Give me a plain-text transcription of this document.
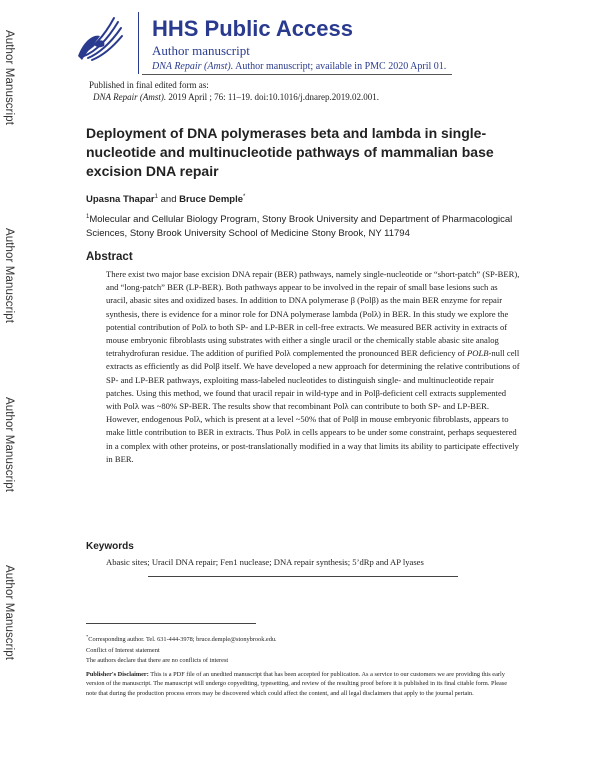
Author Manuscript
Author Manuscript
Author Manuscript
Author Manuscript
HHS Public Access
Author manuscript
DNA Repair (Amst). Author manuscript; available in PMC 2020 April 01.
Published in final edited form as:
DNA Repair (Amst). 2019 April ; 76: 11–19. doi:10.1016/j.dnarep.2019.02.001.
Deployment of DNA polymerases beta and lambda in single-nucleotide and multinucleotide pathways of mammalian base excision DNA repair
Upasna Thapar$^1$ and Bruce Demple*
$^1$Molecular and Cellular Biology Program, Stony Brook University and Department of Pharmacological Sciences, Stony Brook University School of Medicine Stony Brook, NY 11794
Abstract

There exist two major base excision DNA repair (BER) pathways, namely single-nucleotide or “short-patch” (SP-BER), and “long-patch” BER (LP-BER). Both pathways appear to be involved in the repair of small base lesions such as uracil, abasic sites and oxidized bases. In addition to DNA polymerase β (Polβ) as the main BER enzyme for repair synthesis, there is evidence for a minor role for DNA polymerase lambda (Polλ) in BER. In this study we explore the potential contribution of Polλ to both SP- and LP-BER in cell-free extracts. We measured BER activity in extracts of mouse embryonic fibroblasts using substrates with either a single uracil or the chemically stable abasic site analog tetrahydrofuran residue. The addition of purified Polλ complemented the pronounced BER deficiency of POLB-null cell extracts as efficiently as did Polβ itself. We have developed a new approach for determining the relative contributions of SP- and LP-BER pathways, exploiting mass-labeled nucleotides to distinguish single- and multinucleotide repair patches. Using this method, we found that uracil repair in wild-type and in Polβ-deficient cell extracts supplemented with Polλ was ~80% SP-BER. The results show that recombinant Polλ can contribute to both SP- and LP-BER. However, endogenous Polλ, which is present at a level ~50% that of Polβ in mouse embryonic fibroblasts, appears to make little contribution to BER in extracts. Thus Polλ in cells appears to be under some constraint, perhaps sequestered in a complex with other proteins, or post-translationally modified in a way that limits its ability to participate effectively in BER.

Keywords
Abasic sites; Uracil DNA repair; Fen1 nuclease; DNA repair synthesis; 5’dRp and AP lyases
*Corresponding author. Tel. 631-444-3978; bruce.demple@stonybrook.edu.
Conflict of Interest statement
The authors declare that there are no conflicts of interest
Publisher's Disclaimer: This is a PDF file of an unedited manuscript that has been accepted for publication. As a service to our customers we are providing this early version of the manuscript. The manuscript will undergo copyediting, typesetting, and review of the resulting proof before it is published in its final citable form. Please note that during the production process errors may be discovered which could affect the content, and all legal disclaimers that apply to the journal pertain.
